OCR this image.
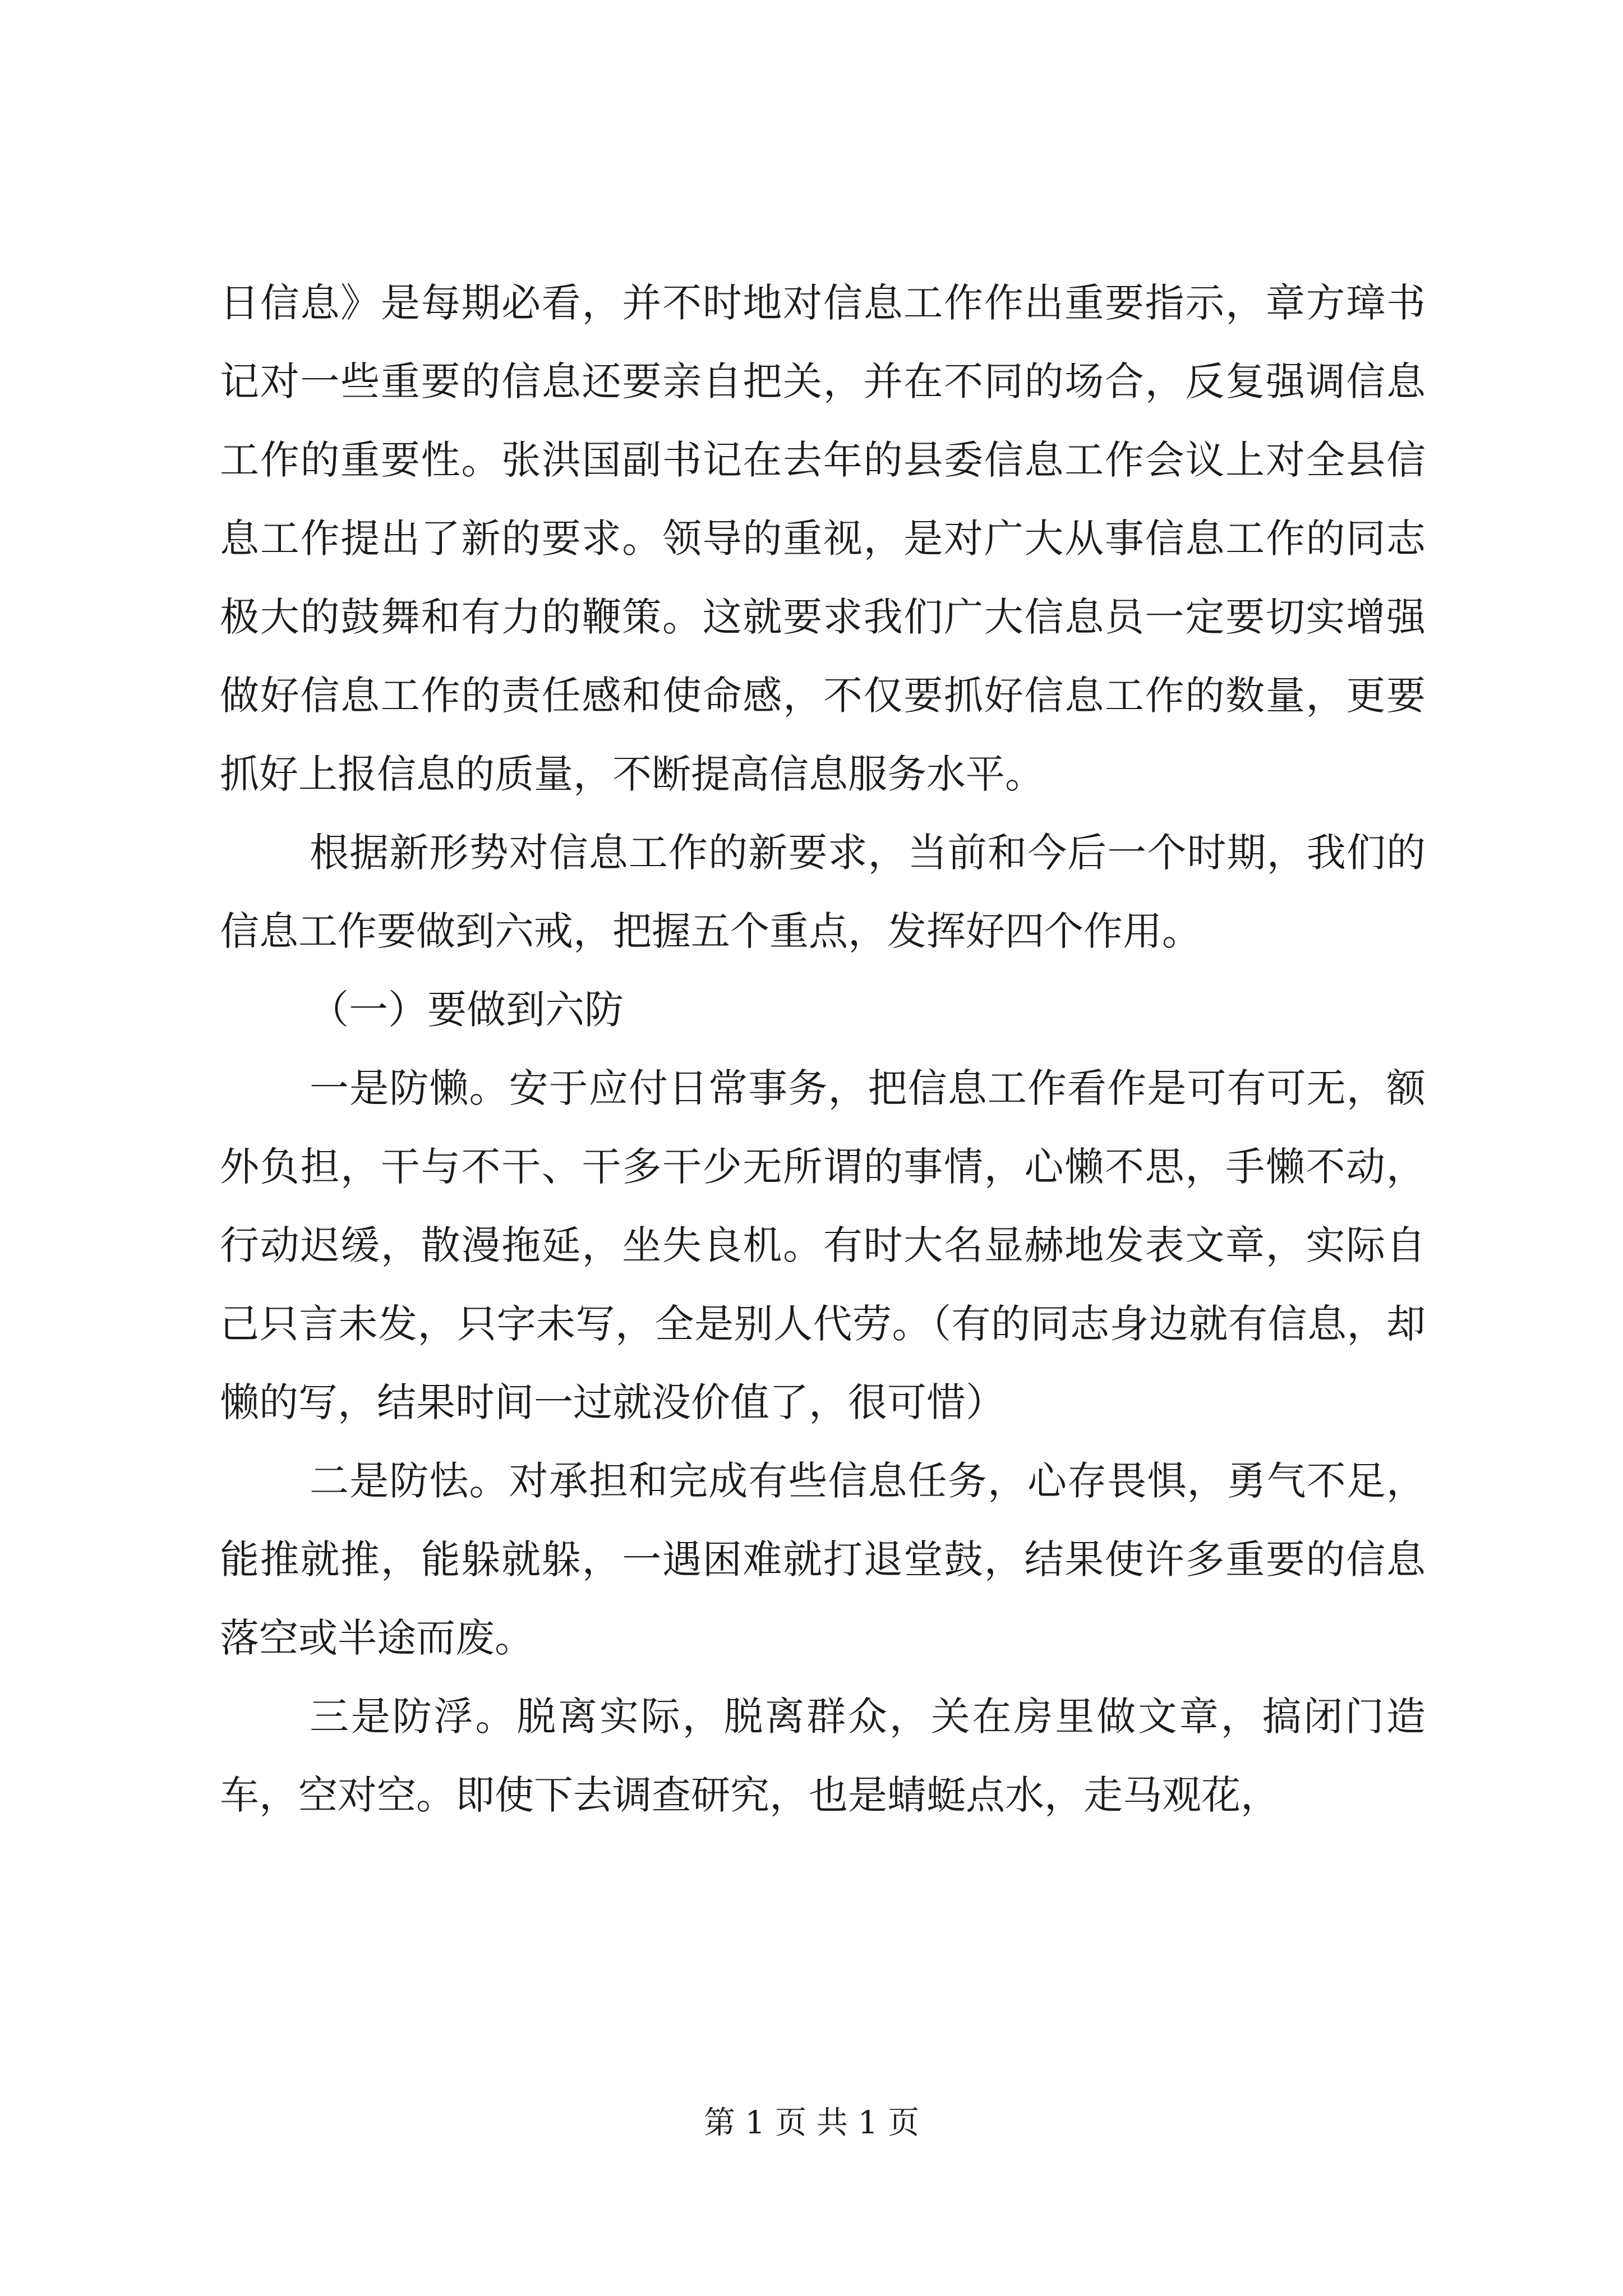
日信息》是每期必看，并不时地对信息工作作出重要指示，章方璋书记对一些重要的信息还要亲自把关，并在不同的场合，反复强调信息工作的重要性。张洪国副书记在去年的县委信息工作会议上对全县信息工作提出了新的要求。领导的重视，是对广大从事信息工作的同志极大的鼓舞和有力的鞭策。这就要求我们广大信息员一定要切实增强做好信息工作的责任感和使命感，不仅要抓好信息工作的数量，更要抓好上报信息的质量，不断提高信息服务水平。

根据新形势对信息工作的新要求，当前和今后一个时期，我们的信息工作要做到六戒，把握五个重点，发挥好四个作用。

（一）要做到六防

一是防懒。安于应付日常事务，把信息工作看作是可有可无，额外负担，干与不干、干多干少无所谓的事情，心懒不思，手懒不动，行动迟缓，散漫拖延，坐失良机。有时大名显赫地发表文章，实际自己只言未发，只字未写，全是别人代劳。（有的同志身边就有信息，却懒的写，结果时间一过就没价值了，很可惜）

二是防怯。对承担和完成有些信息任务，心存畏惧，勇气不足，能推就推，能躲就躲，一遇困难就打退堂鼓，结果使许多重要的信息落空或半途而废。

三是防浮。脱离实际，脱离群众，关在房里做文章，搞闭门造车，空对空。即使下去调查研究，也是蜻蜓点水，走马观花，

第 1 页 共 1 页
